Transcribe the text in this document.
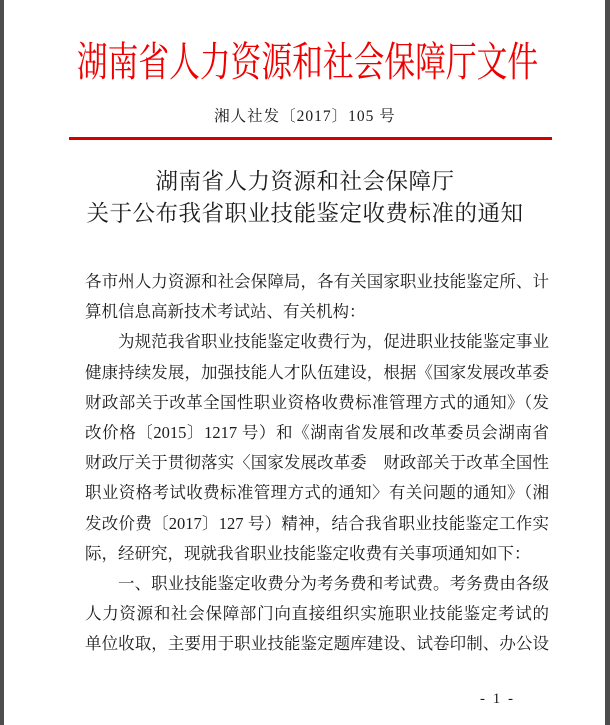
湖南省人力资源和社会保障厅文件
湘人社发〔2017〕105 号
湖南省人力资源和社会保障厅
关于公布我省职业技能鉴定收费标准的通知
各市州人力资源和社会保障局，各有关国家职业技能鉴定所、计
算机信息高新技术考试站、有关机构：
为规范我省职业技能鉴定收费行为，促进职业技能鉴定事业
健康持续发展，加强技能人才队伍建设，根据《国家发展改革委
财政部关于改革全国性职业资格收费标准管理方式的通知》（发
改价格〔2015〕1217 号）和《湖南省发展和改革委员会湖南省
财政厅关于贯彻落实〈国家发展改革委　财政部关于改革全国性
职业资格考试收费标准管理方式的通知〉有关问题的通知》（湘
发改价费〔2017〕127 号）精神，结合我省职业技能鉴定工作实
际，经研究，现就我省职业技能鉴定收费有关事项通知如下：
一、职业技能鉴定收费分为考务费和考试费。考务费由各级
人力资源和社会保障部门向直接组织实施职业技能鉴定考试的
单位收取，主要用于职业技能鉴定题库建设、试卷印制、办公设
- 1 -
